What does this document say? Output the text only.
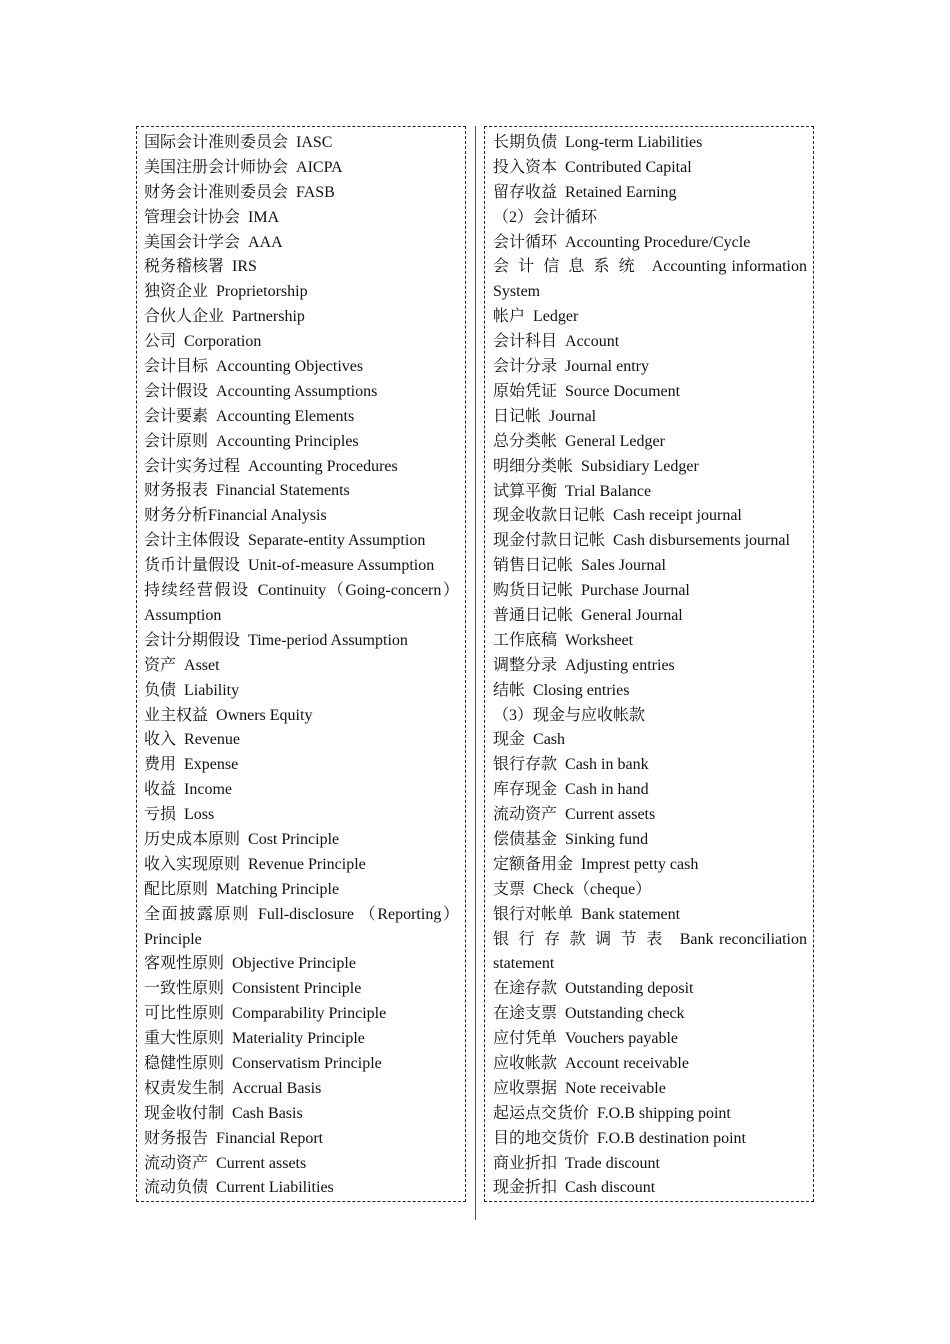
国际会计准则委员会 IASC
美国注册会计师协会 AICPA
财务会计准则委员会 FASB
管理会计协会 IMA
美国会计学会 AAA
税务稽核署 IRS
独资企业 Proprietorship
合伙人企业 Partnership
公司 Corporation
会计目标 Accounting Objectives
会计假设 Accounting Assumptions
会计要素 Accounting Elements
会计原则 Accounting Principles
会计实务过程 Accounting Procedures
财务报表 Financial Statements
财务分析Financial Analysis
会计主体假设 Separate-entity Assumption
货币计量假设 Unit-of-measure Assumption
持续经营假设 Continuity（Going-concern）Assumption
会计分期假设 Time-period Assumption
资产 Asset
负债 Liability
业主权益 Owners Equity
收入 Revenue
费用 Expense
收益 Income
亏损 Loss
历史成本原则 Cost Principle
收入实现原则 Revenue Principle
配比原则 Matching Principle
全面披露原则 Full-disclosure （Reporting） Principle
客观性原则 Objective Principle
一致性原则 Consistent Principle
可比性原则 Comparability Principle
重大性原则 Materiality Principle
稳健性原则 Conservatism Principle
权责发生制 Accrual Basis
现金收付制 Cash Basis
财务报告 Financial Report
流动资产 Current assets
流动负债 Current Liabilities
长期负债 Long-term Liabilities
投入资本 Contributed Capital
留存收益 Retained Earning
（2）会计循环
会计循环 Accounting Procedure/Cycle
会计信息系统 Accounting information System
帐户 Ledger
会计科目 Account
会计分录 Journal entry
原始凭证 Source Document
日记帐 Journal
总分类帐 General Ledger
明细分类帐 Subsidiary Ledger
试算平衡 Trial Balance
现金收款日记帐 Cash receipt journal
现金付款日记帐 Cash disbursements journal
销售日记帐 Sales Journal
购货日记帐 Purchase Journal
普通日记帐 General Journal
工作底稿 Worksheet
调整分录 Adjusting entries
结帐 Closing entries
（3）现金与应收帐款
现金 Cash
银行存款 Cash in bank
库存现金 Cash in hand
流动资产 Current assets
偿债基金 Sinking fund
定额备用金 Imprest petty cash
支票 Check（cheque）
银行对帐单 Bank statement
银行存款调节表 Bank reconciliation statement
在途存款 Outstanding deposit
在途支票 Outstanding check
应付凭单 Vouchers payable
应收帐款 Account receivable
应收票据 Note receivable
起运点交货价 F.O.B shipping point
目的地交货价 F.O.B destination point
商业折扣 Trade discount
现金折扣 Cash discount
